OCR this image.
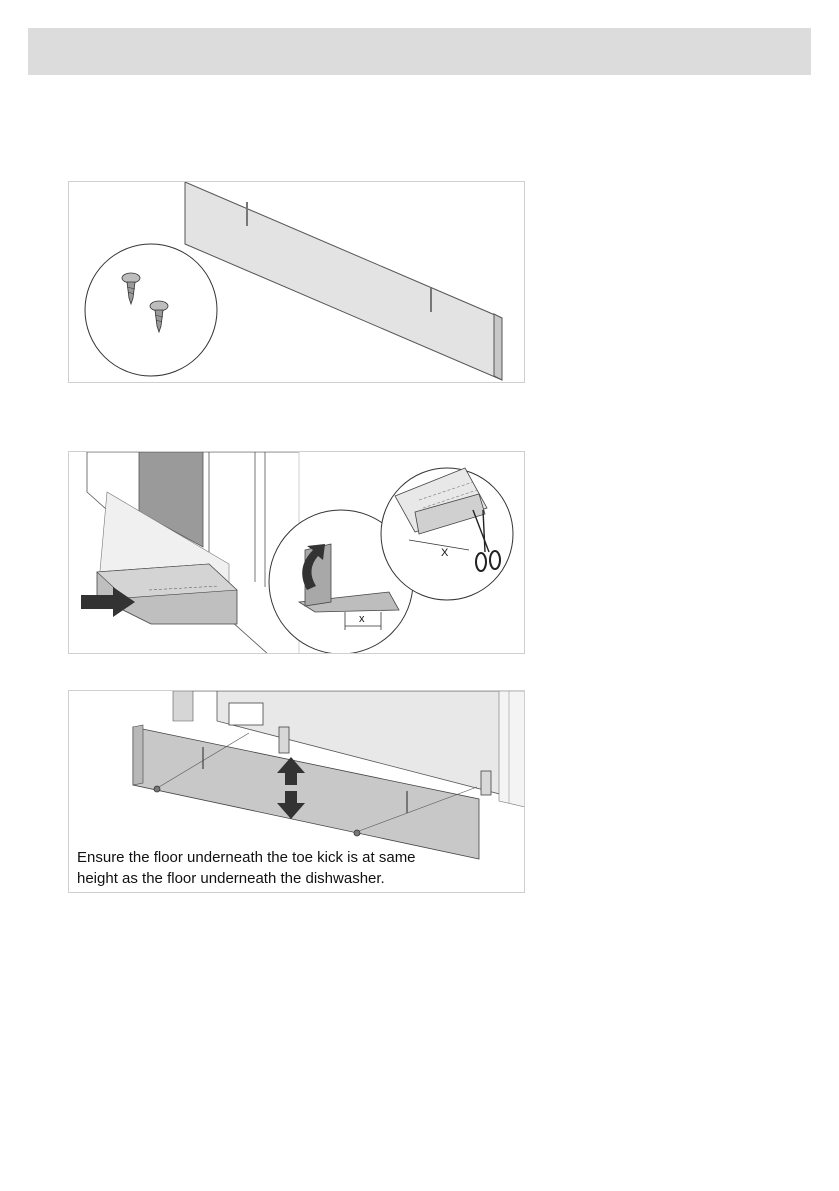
x
X
Ensure the floor underneath the toe kick is at same
height as the floor underneath the dishwasher.
